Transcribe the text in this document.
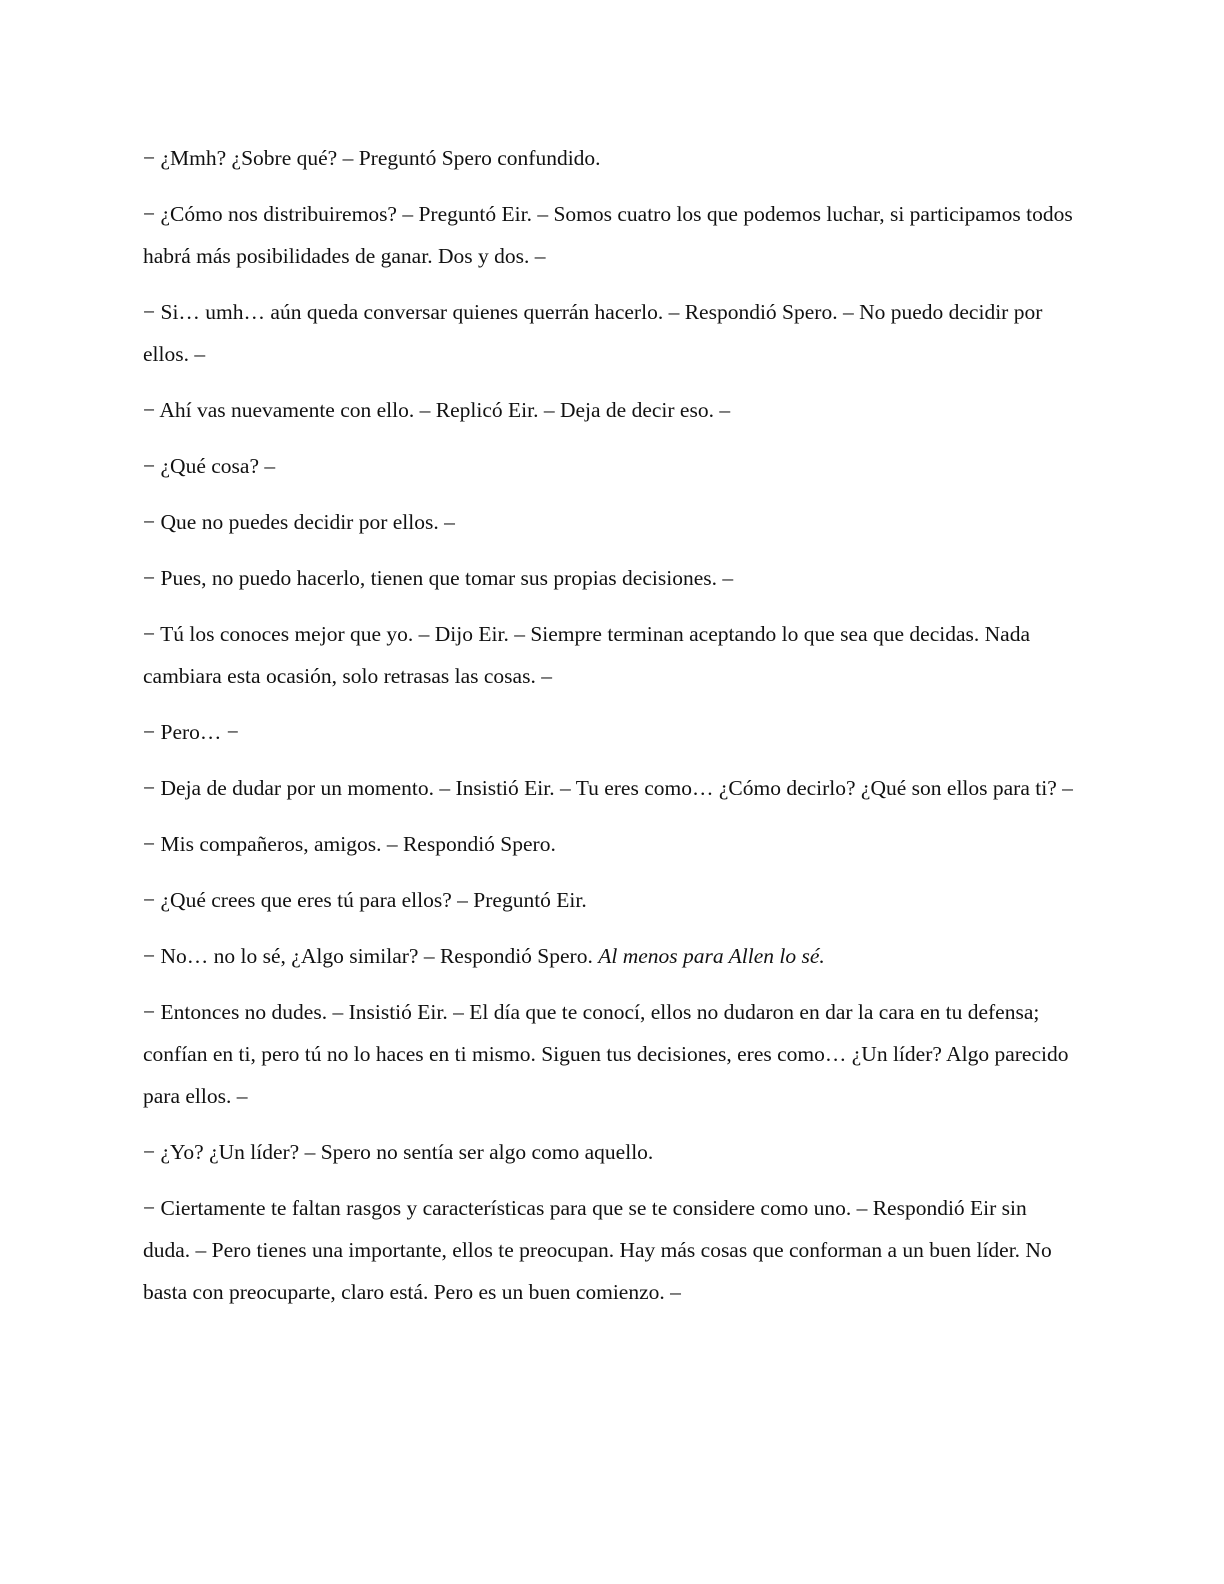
− ¿Mmh? ¿Sobre qué? – Preguntó Spero confundido.

− ¿Cómo nos distribuiremos? – Preguntó Eir. – Somos cuatro los que podemos luchar, si participamos todos habrá más posibilidades de ganar. Dos y dos. –

− Si… umh… aún queda conversar quienes querrán hacerlo. – Respondió Spero. – No puedo decidir por ellos. –

− Ahí vas nuevamente con ello. – Replicó Eir. – Deja de decir eso. –

− ¿Qué cosa? –

− Que no puedes decidir por ellos. –

− Pues, no puedo hacerlo, tienen que tomar sus propias decisiones. –

− Tú los conoces mejor que yo. – Dijo Eir. – Siempre terminan aceptando lo que sea que decidas. Nada cambiara esta ocasión, solo retrasas las cosas. –

− Pero… −

− Deja de dudar por un momento. – Insistió Eir. – Tu eres como… ¿Cómo decirlo? ¿Qué son ellos para ti? –

− Mis compañeros, amigos. – Respondió Spero.

− ¿Qué crees que eres tú para ellos? – Preguntó Eir.

− No… no lo sé, ¿Algo similar? – Respondió Spero. Al menos para Allen lo sé.

− Entonces no dudes. – Insistió Eir. – El día que te conocí, ellos no dudaron en dar la cara en tu defensa; confían en ti, pero tú no lo haces en ti mismo. Siguen tus decisiones, eres como… ¿Un líder? Algo parecido para ellos. –

− ¿Yo? ¿Un líder? – Spero no sentía ser algo como aquello.

− Ciertamente te faltan rasgos y características para que se te considere como uno. – Respondió Eir sin duda. – Pero tienes una importante, ellos te preocupan. Hay más cosas que conforman a un buen líder. No basta con preocuparte, claro está. Pero es un buen comienzo. –
